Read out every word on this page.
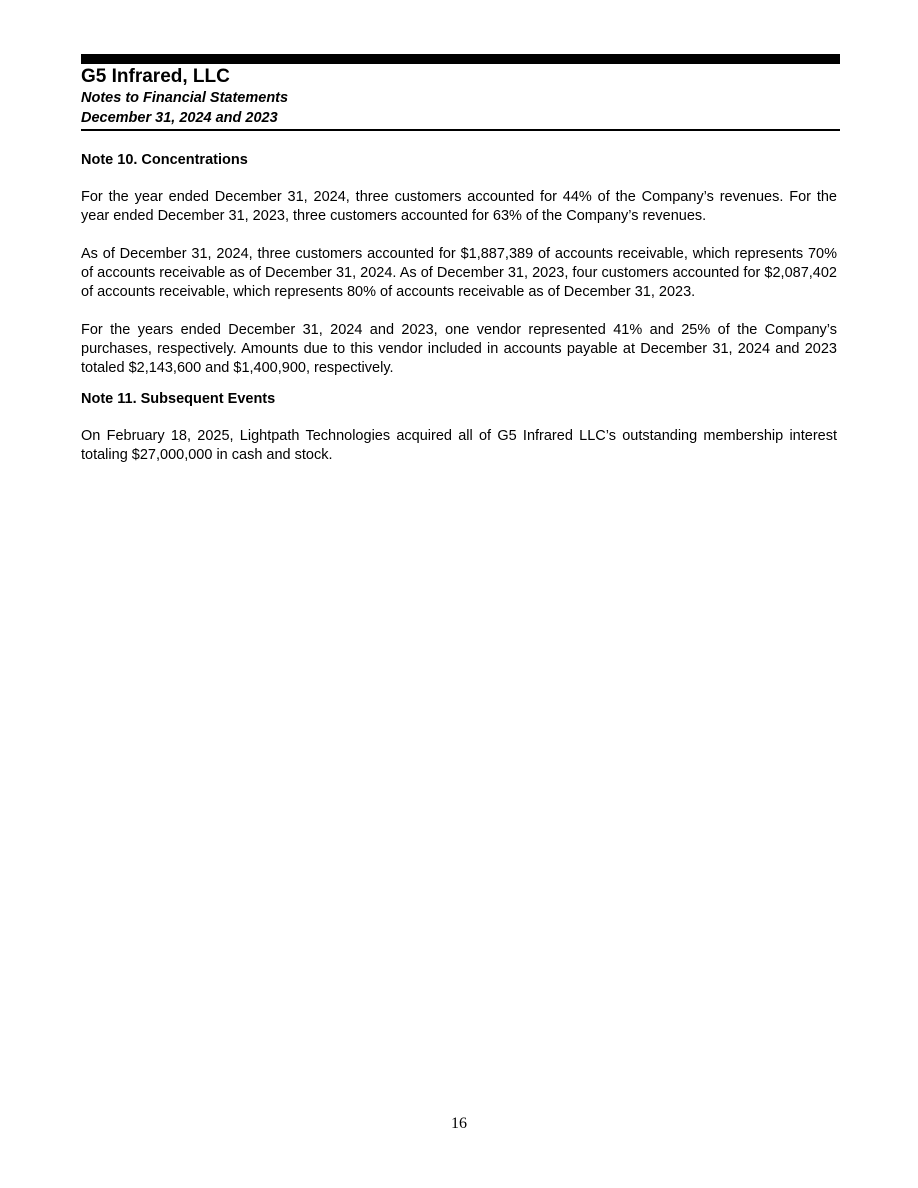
G5 Infrared, LLC

Notes to Financial Statements

December 31, 2024 and 2023

Note 10. Concentrations

For the year ended December 31, 2024, three customers accounted for 44% of the Company’s revenues. For the year ended December 31, 2023, three customers accounted for 63% of the Company’s revenues.

As of December 31, 2024, three customers accounted for $1,887,389 of accounts receivable, which represents 70% of accounts receivable as of December 31, 2024. As of December 31, 2023, four customers accounted for $2,087,402 of accounts receivable, which represents 80% of accounts receivable as of December 31, 2023.

For the years ended December 31, 2024 and 2023, one vendor represented 41% and 25% of the Company’s purchases, respectively. Amounts due to this vendor included in accounts payable at December 31, 2024 and 2023 totaled $2,143,600 and $1,400,900, respectively.

Note 11. Subsequent Events

On February 18, 2025, Lightpath Technologies acquired all of G5 Infrared LLC’s outstanding membership interest totaling $27,000,000 in cash and stock.

16
